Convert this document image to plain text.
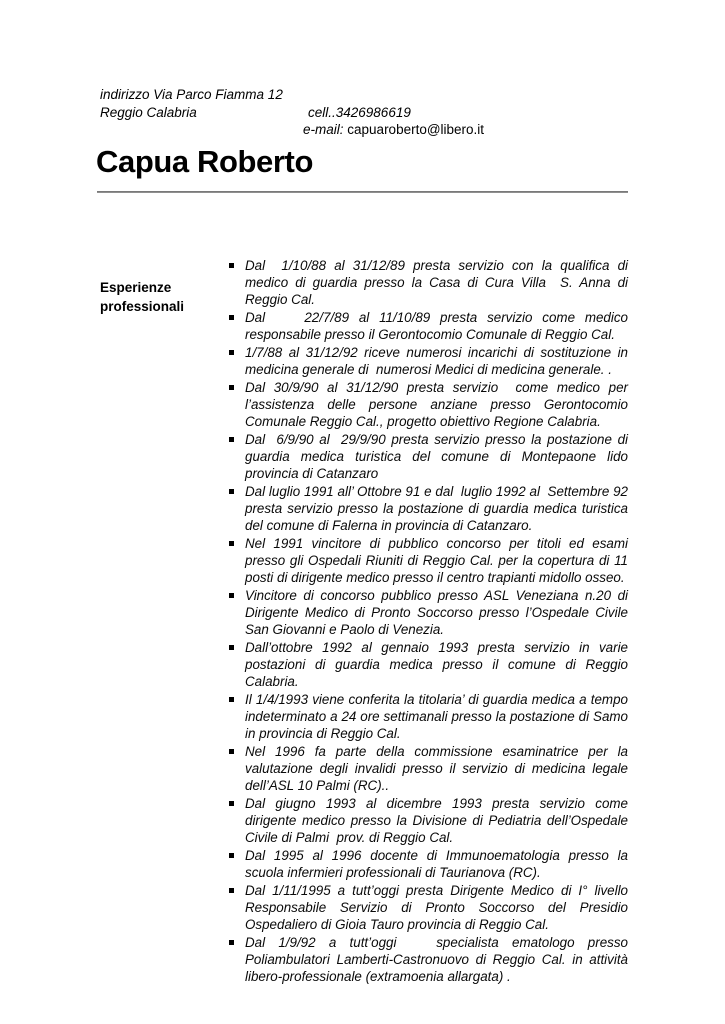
indirizzo Via Parco Fiamma 12
Reggio Calabria	cell..3426986619
e-mail: capuaroberto@libero.it
Capua Roberto
Esperienze
professionali
Dal  1/10/88 al 31/12/89 presta servizio con la qualifica di medico di guardia presso la Casa di Cura Villa  S. Anna di Reggio Cal.
Dal    22/7/89 al 11/10/89 presta servizio come medico responsabile presso il Gerontocomio Comunale di Reggio Cal.
1/7/88 al 31/12/92 riceve numerosi incarichi di sostituzione in medicina generale di  numerosi Medici di medicina generale. .
Dal 30/9/90 al 31/12/90 presta servizio  come medico per l’assistenza delle persone anziane presso Gerontocomio Comunale Reggio Cal., progetto obiettivo Regione Calabria.
Dal  6/9/90 al  29/9/90 presta servizio presso la postazione di guardia medica turistica del comune di Montepaone lido provincia di Catanzaro
Dal luglio 1991 all’ Ottobre 91 e dal  luglio 1992 al  Settembre 92 presta servizio presso la postazione di guardia medica turistica del comune di Falerna in provincia di Catanzaro.
Nel 1991 vincitore di pubblico concorso per titoli ed esami presso gli Ospedali Riuniti di Reggio Cal. per la copertura di 11 posti di dirigente medico presso il centro trapianti midollo osseo.
Vincitore di concorso pubblico presso ASL Veneziana n.20 di Dirigente Medico di Pronto Soccorso presso l’Ospedale Civile San Giovanni e Paolo di Venezia.
Dall’ottobre 1992 al gennaio 1993 presta servizio in varie postazioni di guardia medica presso il comune di Reggio Calabria.
Il 1/4/1993 viene conferita la titolaria’ di guardia medica a tempo indeterminato a 24 ore settimanali presso la postazione di Samo in provincia di Reggio Cal.
Nel 1996 fa parte della commissione esaminatrice per la valutazione degli invalidi presso il servizio di medicina legale dell’ASL 10 Palmi (RC)..
Dal giugno 1993 al dicembre 1993 presta servizio come dirigente medico presso la Divisione di Pediatria dell’Ospedale Civile di Palmi  prov. di Reggio Cal.
Dal 1995 al 1996 docente di Immunoematologia presso la scuola infermieri professionali di Taurianova (RC).
Dal 1/11/1995 a tutt’oggi presta Dirigente Medico di I° livello Responsabile Servizio di Pronto Soccorso del Presidio Ospedaliero di Gioia Tauro provincia di Reggio Cal.
Dal 1/9/92 a tutt’oggi   specialista ematologo presso Poliambulatori Lamberti-Castronuovo di Reggio Cal. in attività libero-professionale (extramoenia allargata) .
